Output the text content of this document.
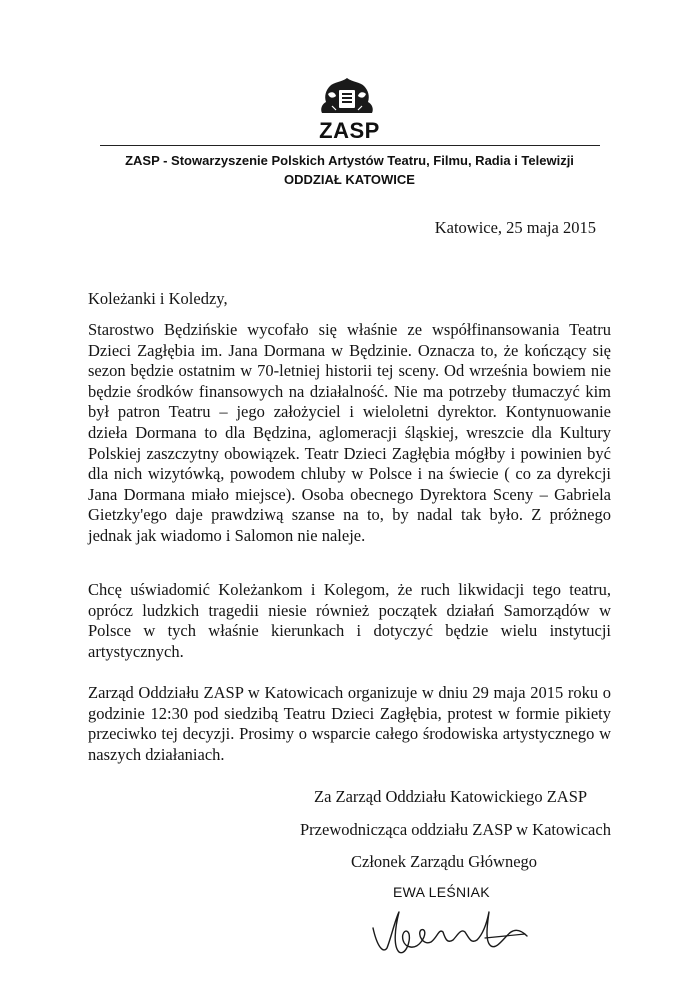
ZASP
ZASP - Stowarzyszenie Polskich Artystów Teatru, Filmu, Radia i Telewizji
ODDZIAŁ KATOWICE
Katowice, 25 maja 2015
Koleżanki i Koledzy,

Starostwo Będzińskie wycofało się właśnie ze współfinansowania Teatru Dzieci Zagłębia im. Jana Dormana w Będzinie. Oznacza to, że kończący się sezon będzie ostatnim w 70-letniej historii tej sceny. Od września bowiem nie będzie środków finansowych na działalność. Nie ma potrzeby tłumaczyć kim był patron Teatru – jego założyciel i wieloletni dyrektor. Kontynuowanie dzieła Dormana to dla Będzina, aglomeracji śląskiej, wreszcie dla Kultury Polskiej zaszczytny obowiązek. Teatr Dzieci Zagłębia mógłby i powinien być dla nich wizytówką, powodem chluby w Polsce i na świecie ( co za dyrekcji Jana Dormana miało miejsce). Osoba obecnego Dyrektora Sceny – Gabriela Gietzky'ego daje prawdziwą szanse na to, by nadal tak było. Z próżnego jednak jak wiadomo i Salomon nie naleje.

Chcę uświadomić Koleżankom i Kolegom, że ruch likwidacji tego teatru, oprócz ludzkich tragedii niesie również początek działań Samorządów w Polsce w tych właśnie kierunkach i dotyczyć będzie wielu instytucji artystycznych.

Zarząd Oddziału ZASP w Katowicach organizuje w dniu 29 maja 2015 roku o godzinie 12:30 pod siedzibą Teatru Dzieci Zagłębia, protest w formie pikiety przeciwko tej decyzji. Prosimy o wsparcie całego środowiska artystycznego w naszych działaniach.

Za Zarząd Oddziału Katowickiego ZASP
Przewodnicząca oddziału ZASP w Katowicach
Członek Zarządu Głównego
EWA LEŚNIAK
